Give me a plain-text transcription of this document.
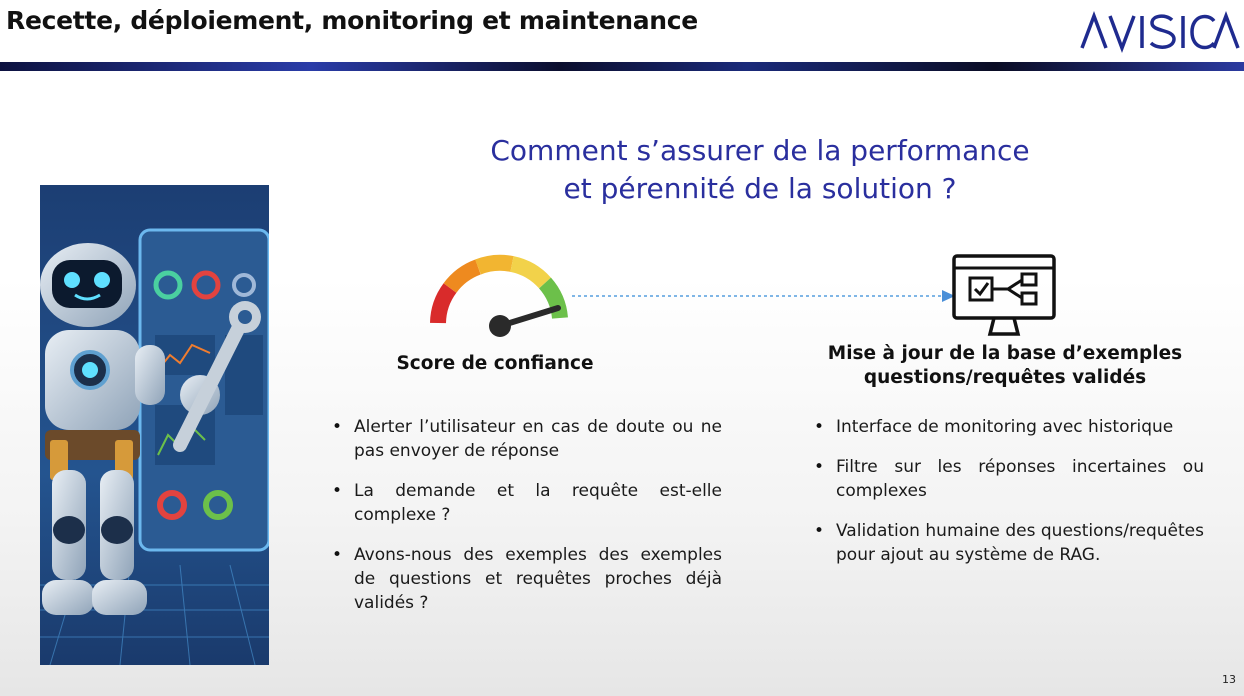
Recette, déploiement, monitoring et maintenance
Comment s’assurer de la performance
et pérennité de la solution ?
Score de confiance	Mise à jour de la base d’exemples
questions/requêtes validés
• Alerter l’utilisateur en cas de doute ou ne pas envoyer de réponse
• La demande et la requête est-elle complexe ?
• Avons-nous des exemples des exemples de questions et requêtes proches déjà validés ?
• Interface de monitoring avec historique
• Filtre sur les réponses incertaines ou complexes
• Validation humaine des questions/requêtes pour ajout au système de RAG.
13
